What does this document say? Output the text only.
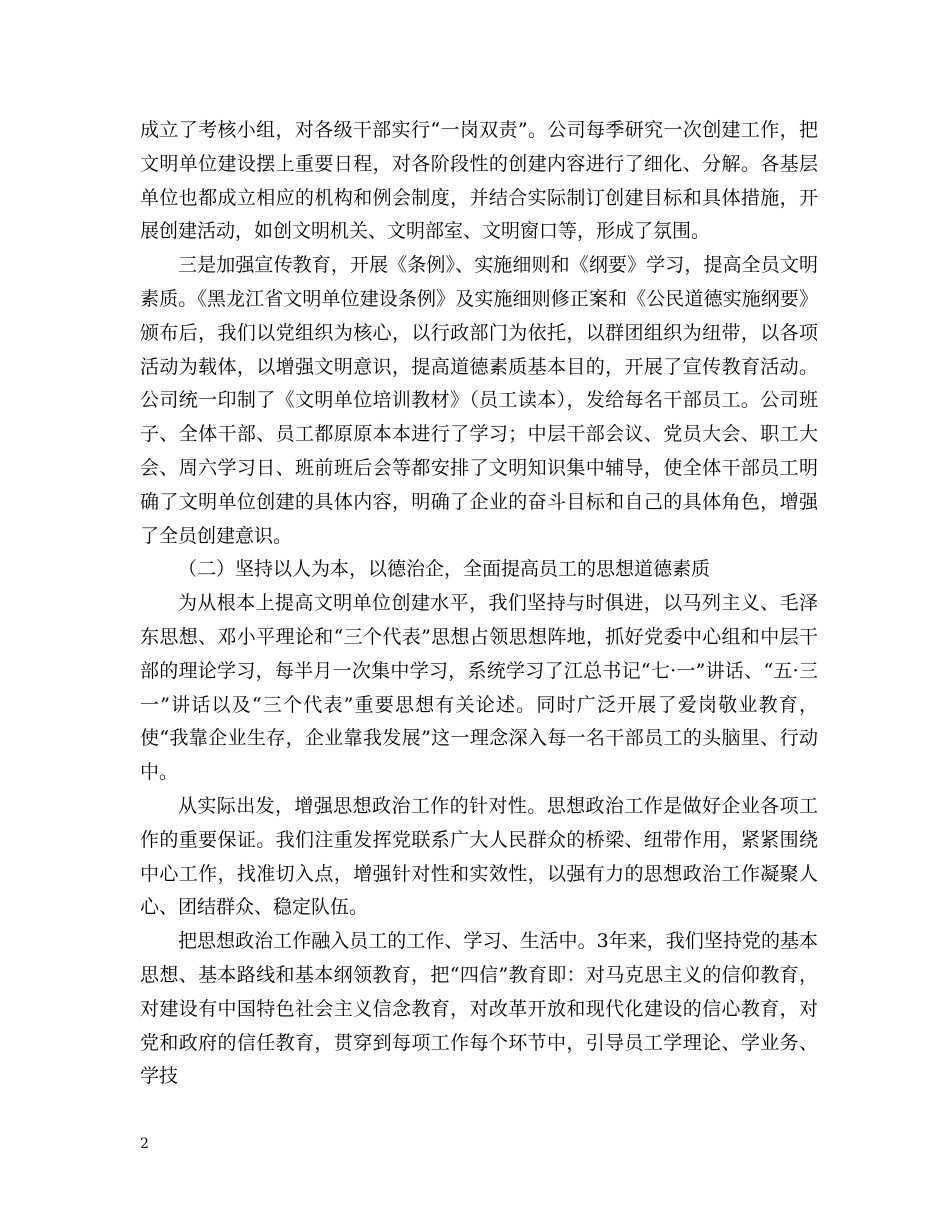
成立了考核小组，对各级干部实行“一岗双责”。公司每季研究一次创建工作，把文明单位建设摆上重要日程，对各阶段性的创建内容进行了细化、分解。各基层单位也都成立相应的机构和例会制度，并结合实际制订创建目标和具体措施，开展创建活动，如创文明机关、文明部室、文明窗口等，形成了氛围。

三是加强宣传教育，开展《条例》、实施细则和《纲要》学习，提高全员文明素质。《黑龙江省文明单位建设条例》及实施细则修正案和《公民道德实施纲要》颁布后，我们以党组织为核心，以行政部门为依托，以群团组织为纽带，以各项活动为载体，以增强文明意识，提高道德素质基本目的，开展了宣传教育活动。公司统一印制了《文明单位培训教材》（员工读本），发给每名干部员工。公司班子、全体干部、员工都原原本本进行了学习；中层干部会议、党员大会、职工大会、周六学习日、班前班后会等都安排了文明知识集中辅导，使全体干部员工明确了文明单位创建的具体内容，明确了企业的奋斗目标和自己的具体角色，增强了全员创建意识。

（二）坚持以人为本，以德治企，全面提高员工的思想道德素质

为从根本上提高文明单位创建水平，我们坚持与时俱进，以马列主义、毛泽东思想、邓小平理论和“三个代表”思想占领思想阵地，抓好党委中心组和中层干部的理论学习，每半月一次集中学习，系统学习了江总书记“七·一”讲话、“五·三一”讲话以及“三个代表”重要思想有关论述。同时广泛开展了爱岗敬业教育，使“我靠企业生存，企业靠我发展”这一理念深入每一名干部员工的头脑里、行动中。

从实际出发，增强思想政治工作的针对性。思想政治工作是做好企业各项工作的重要保证。我们注重发挥党联系广大人民群众的桥梁、纽带作用，紧紧围绕中心工作，找准切入点，增强针对性和实效性，以强有力的思想政治工作凝聚人心、团结群众、稳定队伍。

把思想政治工作融入员工的工作、学习、生活中。3年来，我们坚持党的基本思想、基本路线和基本纲领教育，把“四信”教育即：对马克思主义的信仰教育，对建设有中国特色社会主义信念教育，对改革开放和现代化建设的信心教育，对党和政府的信任教育，贯穿到每项工作每个环节中，引导员工学理论、学业务、学技

2
